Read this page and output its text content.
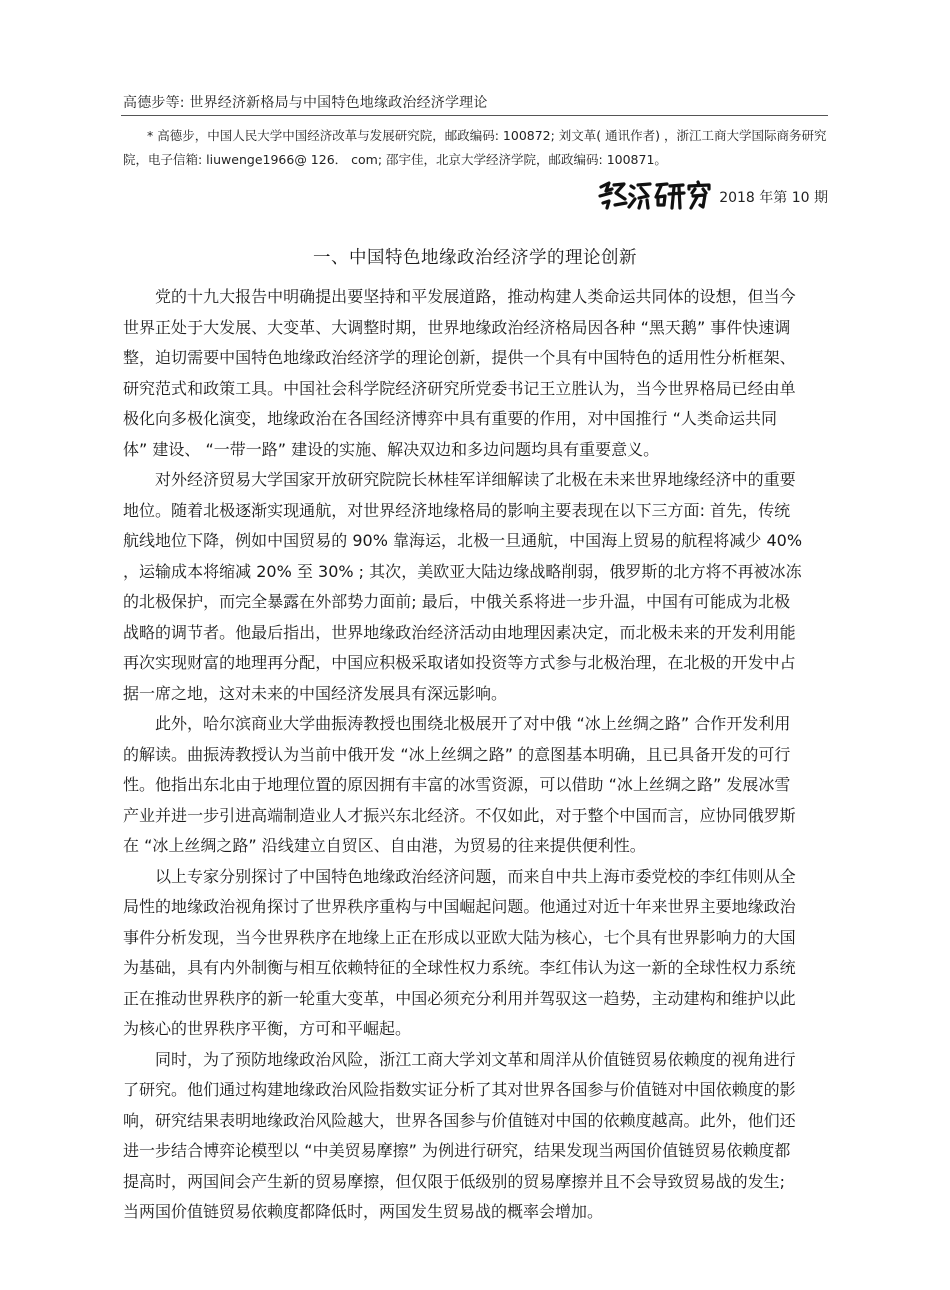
高德步等: 世界经济新格局与中国特色地缘政治经济学理论
* 高德步，中国人民大学中国经济改革与发展研究院，邮政编码: 100872; 刘文革( 通讯作者) ，浙江工商大学国际商务研究
院，电子信箱: liuwenge1966@ 126． com; 邵宇佳，北京大学经济学院，邮政编码: 100871。
2018 年第 10 期
一、中国特色地缘政治经济学的理论创新
党的十九大报告中明确提出要坚持和平发展道路，推动构建人类命运共同体的设想，但当今
世界正处于大发展、大变革、大调整时期，世界地缘政治经济格局因各种 “黑天鹅” 事件快速调
整，迫切需要中国特色地缘政治经济学的理论创新，提供一个具有中国特色的适用性分析框架、
研究范式和政策工具。中国社会科学院经济研究所党委书记王立胜认为，当今世界格局已经由单
极化向多极化演变，地缘政治在各国经济博弈中具有重要的作用，对中国推行 “人类命运共同
体” 建设、 “一带一路” 建设的实施、解决双边和多边问题均具有重要意义。
对外经济贸易大学国家开放研究院院长林桂军详细解读了北极在未来世界地缘经济中的重要
地位。随着北极逐渐实现通航，对世界经济地缘格局的影响主要表现在以下三方面: 首先，传统
航线地位下降，例如中国贸易的 90% 靠海运，北极一旦通航，中国海上贸易的航程将减少 40%
，运输成本将缩减 20% 至 30% ; 其次，美欧亚大陆边缘战略削弱，俄罗斯的北方将不再被冰冻
的北极保护，而完全暴露在外部势力面前; 最后，中俄关系将进一步升温，中国有可能成为北极
战略的调节者。他最后指出，世界地缘政治经济活动由地理因素决定，而北极未来的开发利用能
再次实现财富的地理再分配，中国应积极采取诸如投资等方式参与北极治理，在北极的开发中占
据一席之地，这对未来的中国经济发展具有深远影响。
此外，哈尔滨商业大学曲振涛教授也围绕北极展开了对中俄 “冰上丝绸之路” 合作开发利用
的解读。曲振涛教授认为当前中俄开发 “冰上丝绸之路” 的意图基本明确，且已具备开发的可行
性。他指出东北由于地理位置的原因拥有丰富的冰雪资源，可以借助 “冰上丝绸之路” 发展冰雪
产业并进一步引进高端制造业人才振兴东北经济。不仅如此，对于整个中国而言，应协同俄罗斯
在 “冰上丝绸之路” 沿线建立自贸区、自由港，为贸易的往来提供便利性。
以上专家分别探讨了中国特色地缘政治经济问题，而来自中共上海市委党校的李红伟则从全
局性的地缘政治视角探讨了世界秩序重构与中国崛起问题。他通过对近十年来世界主要地缘政治
事件分析发现，当今世界秩序在地缘上正在形成以亚欧大陆为核心，七个具有世界影响力的大国
为基础，具有内外制衡与相互依赖特征的全球性权力系统。李红伟认为这一新的全球性权力系统
正在推动世界秩序的新一轮重大变革，中国必须充分利用并驾驭这一趋势，主动建构和维护以此
为核心的世界秩序平衡，方可和平崛起。
同时，为了预防地缘政治风险，浙江工商大学刘文革和周洋从价值链贸易依赖度的视角进行
了研究。他们通过构建地缘政治风险指数实证分析了其对世界各国参与价值链对中国依赖度的影
响，研究结果表明地缘政治风险越大，世界各国参与价值链对中国的依赖度越高。此外，他们还
进一步结合博弈论模型以 “中美贸易摩擦” 为例进行研究，结果发现当两国价值链贸易依赖度都
提高时，两国间会产生新的贸易摩擦，但仅限于低级别的贸易摩擦并且不会导致贸易战的发生;
当两国价值链贸易依赖度都降低时，两国发生贸易战的概率会增加。
